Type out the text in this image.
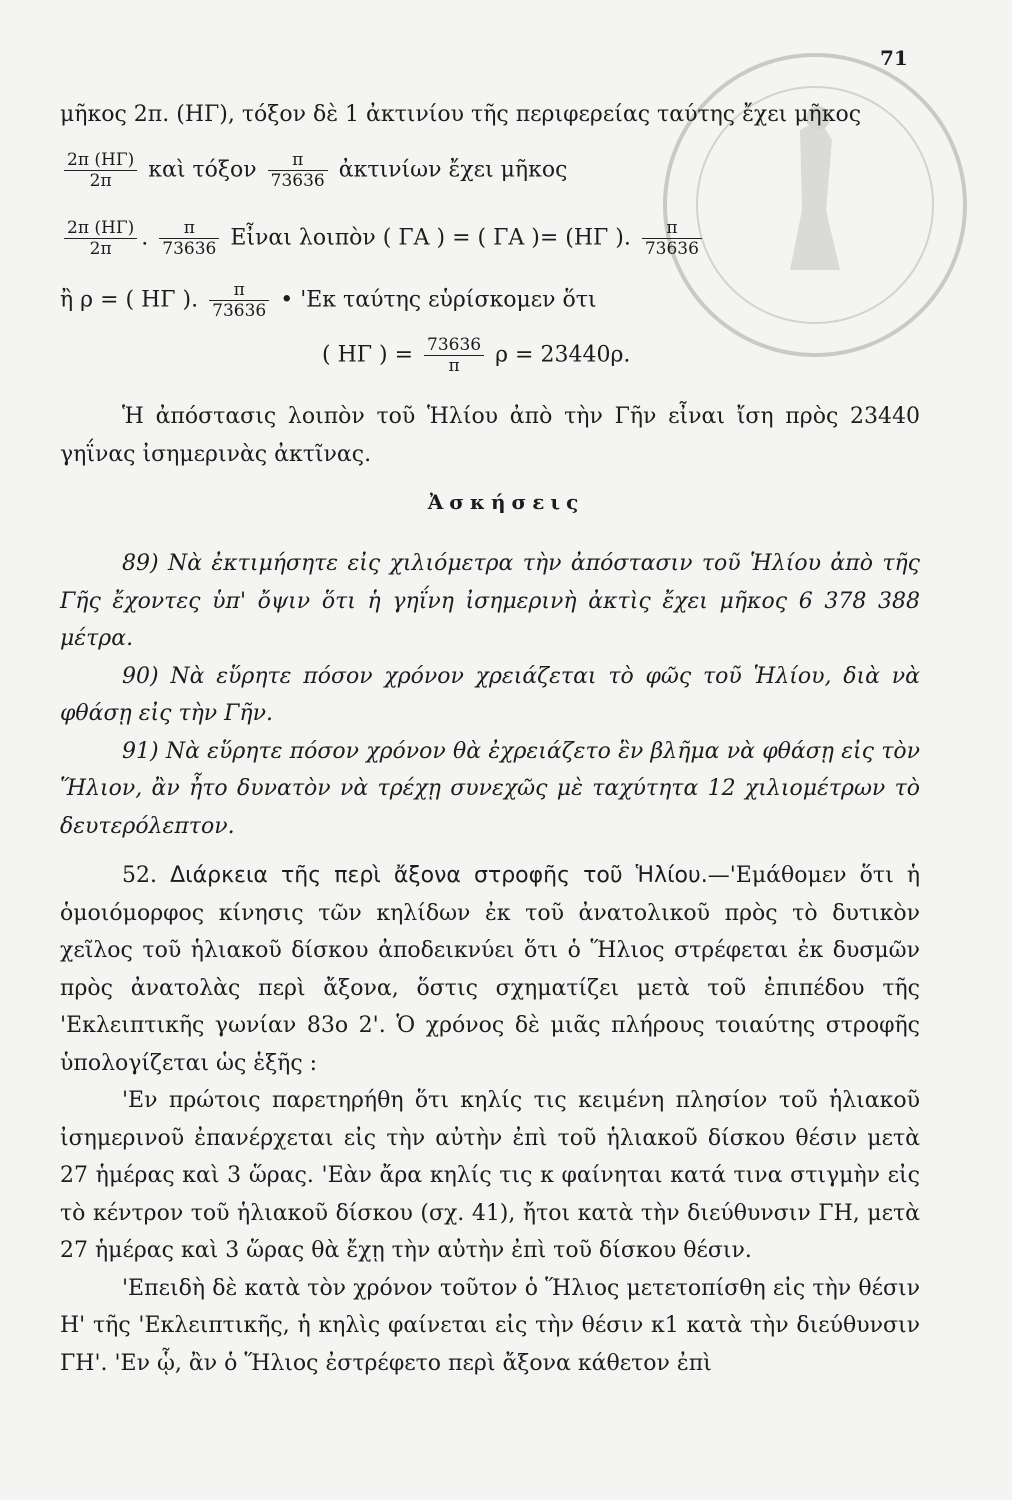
71
μῆκος 2π. (ΗΓ), τόξον δὲ 1 ἀκτινίου τῆς περιφερείας ταύτης ἔχει μῆκος
$\frac{2\pi (H\Gamma)}{2\pi}$ καὶ τόξον $\frac{\pi}{73636}$ ἀκτινίων ἔχει μῆκος
$\frac{2\pi (H\Gamma)}{2\pi}$ . $\frac{\pi}{73636}$ Εἶναι λοιπὸν ( ΓΑ ) = ( ΓΑ )= (ΗΓ ). $\frac{\pi}{73636}$
ἢ ρ = ( ΗΓ ). $\frac{\pi}{73636}$ • 'Εκ ταύτης εὑρίσκομεν ὅτι
( ΗΓ ) = $\frac{73636}{\pi}$ ρ = 23440ρ.

Ἡ ἀπόστασις λοιπὸν τοῦ Ἡλίου ἀπὸ τὴν Γῆν εἶναι ἴση πρὸς 23440 γηΐνας ἰσημερινὰς ἀκτῖνας.

Ἀσκήσεις

89) Νὰ ἐκτιμήσητε εἰς χιλιόμετρα τὴν ἀπόστασιν τοῦ Ἡλίου ἀπὸ τῆς Γῆς ἔχοντες ὑπ' ὄψιν ὅτι ἡ γηΐνη ἰσημερινὴ ἀκτὶς ἔχει μῆκος 6 378 388 μέτρα.

90) Νὰ εὕρητε πόσον χρόνον χρειάζεται τὸ φῶς τοῦ Ἡλίου, διὰ νὰ φθάσῃ εἰς τὴν Γῆν.

91) Νὰ εὕρητε πόσον χρόνον θὰ ἐχρειάζετο ἓν βλῆμα νὰ φθάσῃ εἰς τὸν Ἥλιον, ἂν ἦτο δυνατὸν νὰ τρέχῃ συνεχῶς μὲ ταχύτητα 12 χιλιομέτρων τὸ δευτερόλεπτον.

52. Διάρκεια τῆς περὶ ἄξονα στροφῆς τοῦ Ἡλίου.—'Εμάθομεν ὅτι ἡ ὁμοιόμορφος κίνησις τῶν κηλίδων ἐκ τοῦ ἀνατολικοῦ πρὸς τὸ δυτικὸν χεῖλος τοῦ ἡλιακοῦ δίσκου ἀποδεικνύει ὅτι ὁ Ἥλιος στρέφεται ἐκ δυσμῶν πρὸς ἀνατολὰς περὶ ἄξονα, ὅστις σχηματίζει μετὰ τοῦ ἐπιπέδου τῆς 'Εκλειπτικῆς γωνίαν 83ο 2'. Ὁ χρόνος δὲ μιᾶς πλήρους τοιαύτης στροφῆς ὑπολογίζεται ὡς ἑξῆς :

'Εν πρώτοις παρετηρήθη ὅτι κηλίς τις κειμένη πλησίον τοῦ ἡλιακοῦ ἰσημερινοῦ ἐπανέρχεται εἰς τὴν αὐτὴν ἐπὶ τοῦ ἡλιακοῦ δίσκου θέσιν μετὰ 27 ἡμέρας καὶ 3 ὥρας. 'Εὰν ἄρα κηλίς τις κ φαίνηται κατά τινα στιγμὴν εἰς τὸ κέντρον τοῦ ἡλιακοῦ δίσκου (σχ. 41), ἤτοι κατὰ τὴν διεύθυνσιν ΓΗ, μετὰ 27 ἡμέρας καὶ 3 ὥρας θὰ ἔχῃ τὴν αὐτὴν ἐπὶ τοῦ δίσκου θέσιν.

'Επειδὴ δὲ κατὰ τὸν χρόνον τοῦτον ὁ Ἥλιος μετετοπίσθη εἰς τὴν θέσιν Η' τῆς 'Εκλειπτικῆς, ἡ κηλὶς φαίνεται εἰς τὴν θέσιν κ1 κατὰ τὴν διεύθυνσιν ΓΗ'. 'Εν ᾧ, ἂν ὁ Ἥλιος ἐστρέφετο περὶ ἄξονα κάθετον ἐπὶ
